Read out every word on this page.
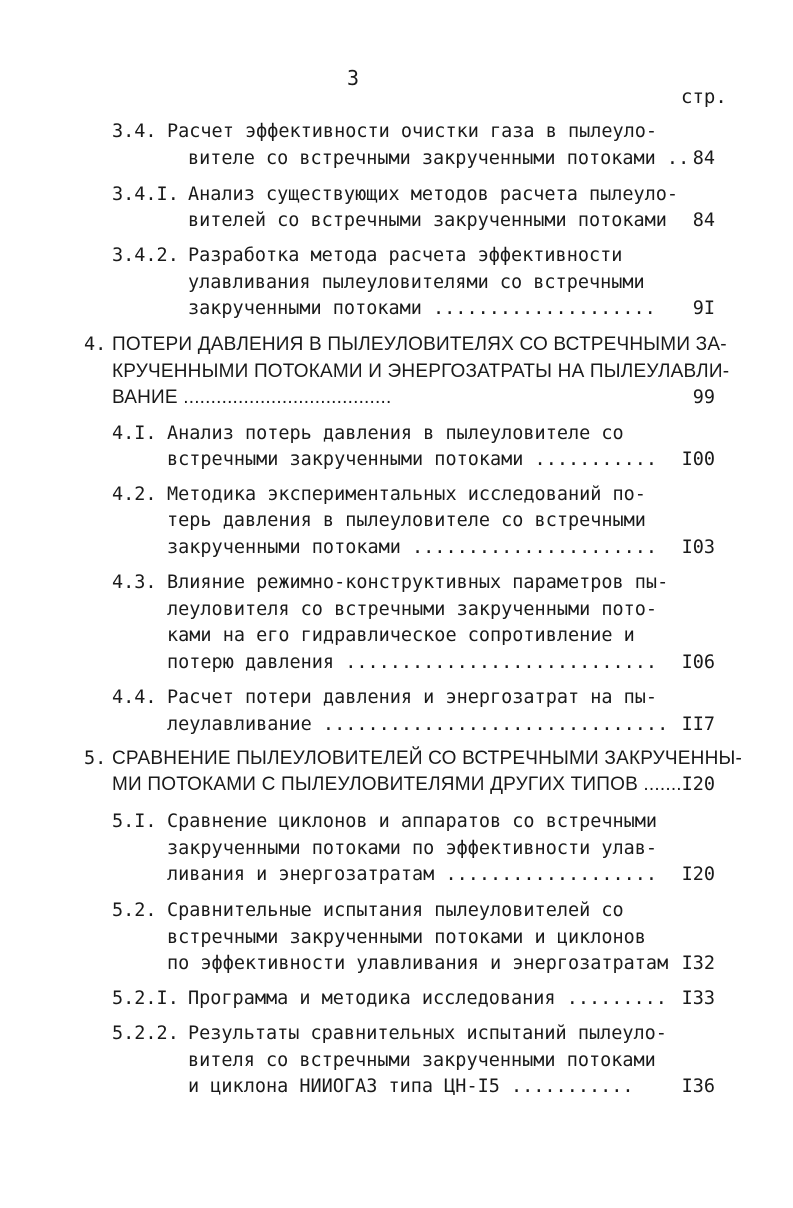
3
стр.
3.4. Расчет эффективности очистки газа в пылеуло-
вителе со встречными закрученными потоками .. 84
3.4.I. Анализ существующих методов расчета пылеуло-
вителей со встречными закрученными потоками	84
3.4.2. Разработка метода расчета эффективности
улавливания пылеуловителями со встречными
закрученными потоками ....................	9I
4. ПОТЕРИ ДАВЛЕНИЯ В ПЫЛЕУЛОВИТЕЛЯХ СО ВСТРЕЧНЫМИ ЗА-
КРУЧЕННЫМИ ПОТОКАМИ И ЭНЕРГОЗАТРАТЫ НА ПЫЛЕУЛАВЛИ-
ВАНИЕ ......................................	99
4.I. Анализ потерь давления в пылеуловителе со
встречными закрученными потоками ...........	I00
4.2. Методика экспериментальных исследований по-
терь давления в пылеуловителе со встречными
закрученными потоками ......................	I03
4.3. Влияние режимно-конструктивных параметров пы-
леуловителя со встречными закрученными пото-
ками на его гидравлическое сопротивление и
потерю давления ............................	I06
4.4. Расчет потери давления и энергозатрат на пы-
леулавливание ............................... II7
5. СРАВНЕНИЕ ПЫЛЕУЛОВИТЕЛЕЙ СО ВСТРЕЧНЫМИ ЗАКРУЧЕННЫ-
МИ ПОТОКАМИ С ПЫЛЕУЛОВИТЕЛЯМИ ДРУГИХ ТИПОВ ....... I20
5.I. Сравнение циклонов и аппаратов со встречными
закрученными потоками по эффективности улав-
ливания и энергозатратам ...................	I20
5.2. Сравнительные испытания пылеуловителей со
встречными закрученными потоками и циклонов
по эффективности улавливания и энергозатратам I32
5.2.I. Программа и методика исследования ......... I33
5.2.2. Результаты сравнительных испытаний пылеуло-
вителя со встречными закрученными потоками
и циклона НИИОГАЗ типа ЦН-I5 ...........	I36
